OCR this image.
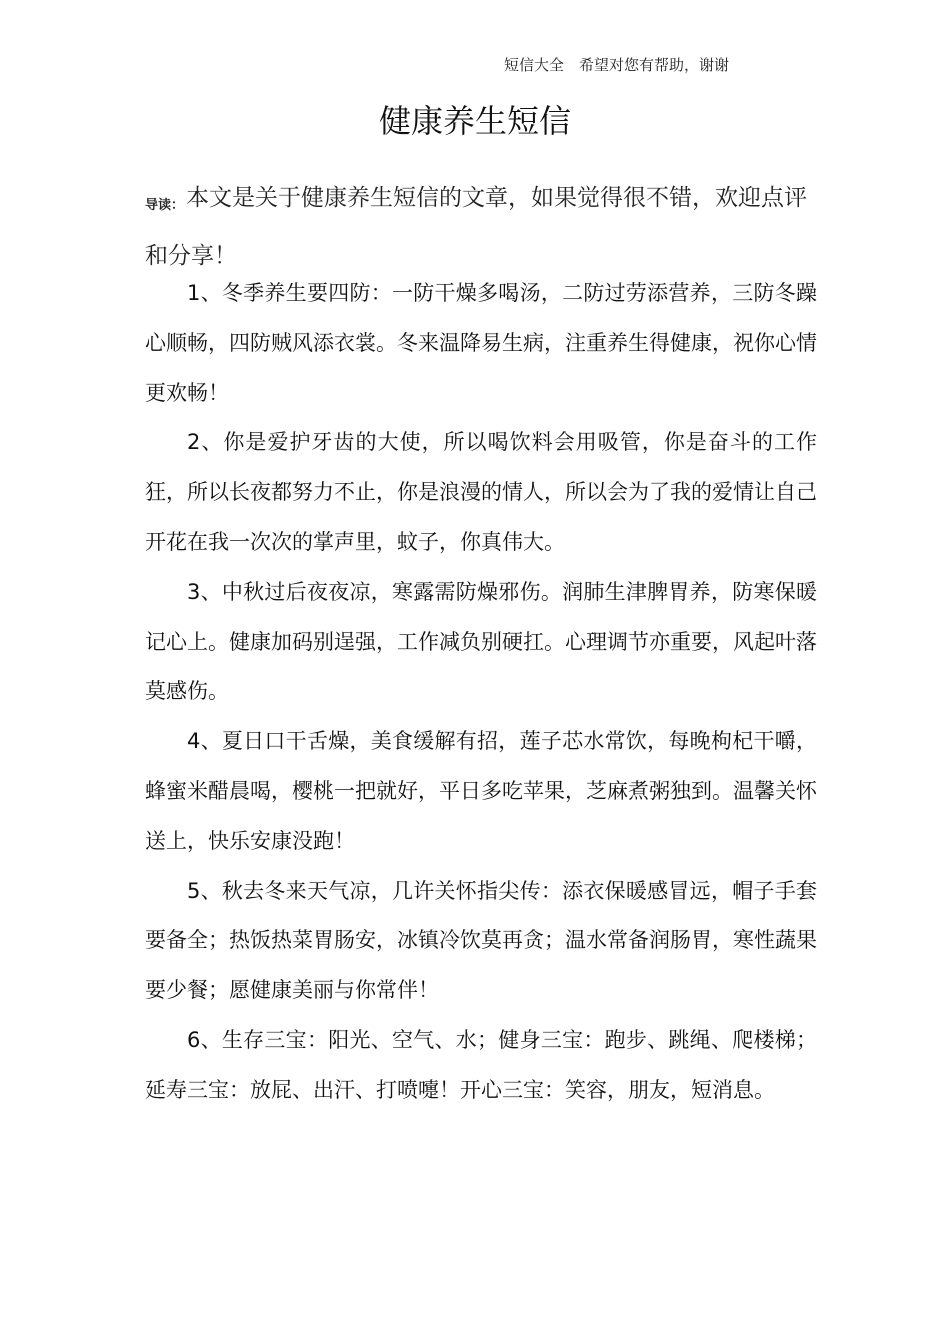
短信大全　希望对您有帮助，谢谢
健康养生短信
导读：本文是关于健康养生短信的文章，如果觉得很不错，欢迎点评和分享！

1、冬季养生要四防：一防干燥多喝汤，二防过劳添营养，三防冬躁心顺畅，四防贼风添衣裳。冬来温降易生病，注重养生得健康，祝你心情更欢畅！

2、你是爱护牙齿的大使，所以喝饮料会用吸管，你是奋斗的工作狂，所以长夜都努力不止，你是浪漫的情人，所以会为了我的爱情让自己开花在我一次次的掌声里，蚊子，你真伟大。

3、中秋过后夜夜凉，寒露需防燥邪伤。润肺生津脾胃养，防寒保暖记心上。健康加码别逞强，工作减负别硬扛。心理调节亦重要，风起叶落莫感伤。

4、夏日口干舌燥，美食缓解有招，莲子芯水常饮，每晚枸杞干嚼，蜂蜜米醋晨喝，樱桃一把就好，平日多吃苹果，芝麻煮粥独到。温馨关怀送上，快乐安康没跑！

5、秋去冬来天气凉，几许关怀指尖传：添衣保暖感冒远，帽子手套要备全；热饭热菜胃肠安，冰镇冷饮莫再贪；温水常备润肠胃，寒性蔬果要少餐；愿健康美丽与你常伴！

6、生存三宝：阳光、空气、水；健身三宝：跑步、跳绳、爬楼梯；延寿三宝：放屁、出汗、打喷嚏！开心三宝：笑容，朋友，短消息。
